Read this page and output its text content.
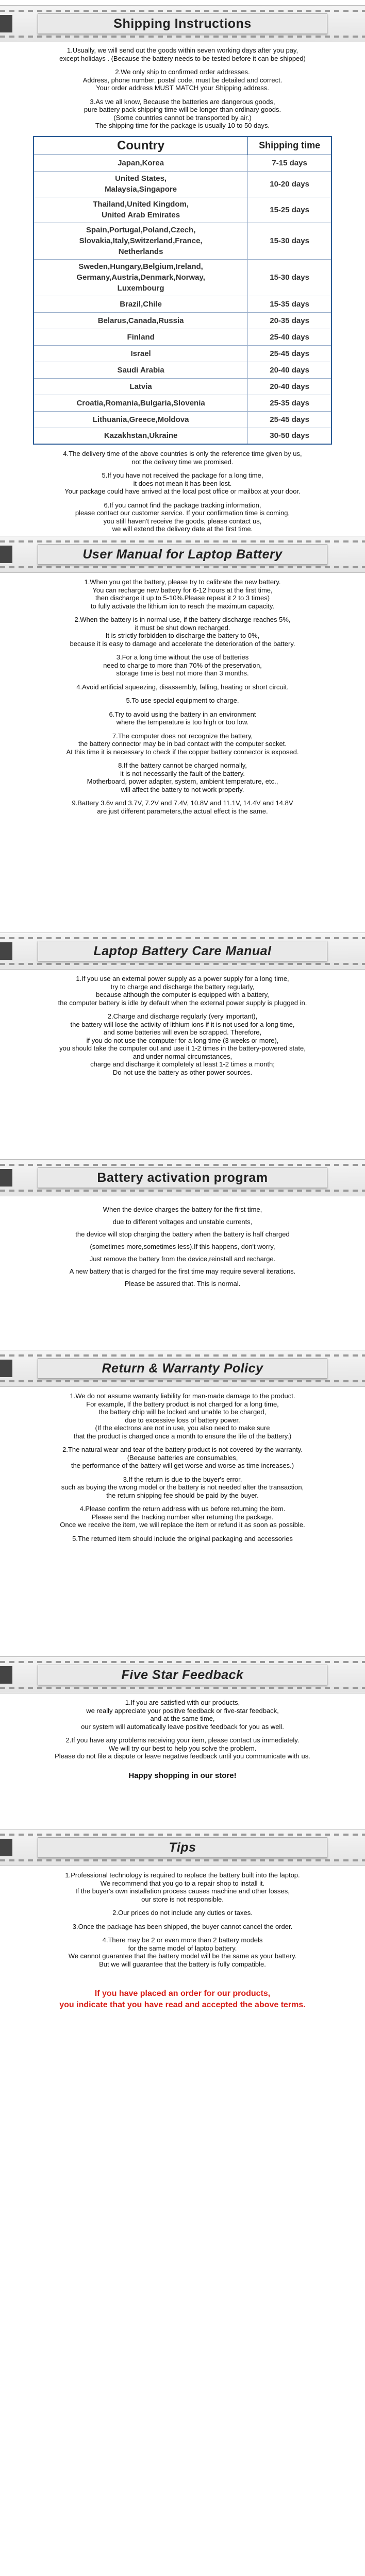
Shipping Instructions
1.Usually, we will send out the goods within seven working days after you pay,
except holidays . (Because the battery needs to be tested before it can be shipped)
2.We only ship to confirmed order addresses.
Address, phone number, postal code, must be detailed and correct.
Your order address MUST MATCH your Shipping address.
3.As we all know, Because the batteries are dangerous goods,
pure battery pack shipping time will be longer than ordinary goods.
(Some countries cannot be transported by air.)
The shipping time for the package is usually 10 to 50 days.
Country	Shipping time

Japan,Korea	7-15 days

United States,
Malaysia,Singapore	10-20 days

Thailand,United Kingdom,
United Arab Emirates	15-25 days

Spain,Portugal,Poland,Czech,
Slovakia,Italy,Switzerland,France,
Netherlands	15-30 days

Sweden,Hungary,Belgium,Ireland,
Germany,Austria,Denmark,Norway,
Luxembourg	15-30 days

Brazil,Chile	15-35 days

Belarus,Canada,Russia	20-35 days

Finland	25-40 days

Israel	25-45 days

Saudi Arabia	20-40 days

Latvia	20-40 days

Croatia,Romania,Bulgaria,Slovenia	25-35 days

Lithuania,Greece,Moldova	25-45 days

Kazakhstan,Ukraine	30-50 days
4.The delivery time of the above countries is only the reference time given by us,
not the delivery time we promised.
5.If you have not received the package for a long time,
it does not mean it has been lost.
Your package could have arrived at the local post office or mailbox at your door.
6.If you cannot find the package tracking information,
please contact our customer service. If your confirmation time is coming,
you still haven't receive the goods, please contact us,
we will extend the delivery date at the first time.
User Manual for Laptop Battery
1.When you get the battery, please try to calibrate the new battery.
You can recharge new battery for 6-12 hours at the first time,
then discharge it up to 5-10%.Please repeat it 2 to 3 times)
to fully activate the lithium ion to reach the maximum capacity.
2.When the battery is in normal use, if the battery discharge reaches 5%,
it must be shut down recharged.
It is strictly forbidden to discharge the battery to 0%,
because it is easy to damage and accelerate the deterioration of the battery.
3.For a long time without the use of batteries
need to charge to more than 70% of the preservation,
storage time is best not more than 3 months.
4.Avoid artificial squeezing, disassembly, falling, heating or short circuit.
5.To use special equipment to charge.
6.Try to avoid using the battery in an environment
where the temperature is too high or too low.
7.The computer does not recognize the battery,
the battery connector may be in bad contact with the computer socket.
At this time it is necessary to check if the copper battery connector is exposed.
8.If the battery cannot be charged normally,
it is not necessarily the fault of the battery.
Motherboard, power adapter, system, ambient temperature, etc.,
will affect the battery to not work properly.
9.Battery 3.6v and 3.7V, 7.2V and 7.4V, 10.8V and 11.1V, 14.4V and 14.8V
are just different parameters,the actual effect is the same.
Laptop Battery Care Manual
1.If you use an external power supply as a power supply for a long time,
try to charge and discharge the battery regularly,
because although the computer is equipped with a battery,
the computer battery is idle by default when the external power supply is plugged in.
2.Charge and discharge regularly (very important),
the battery will lose the activity of lithium ions if it is not used for a long time,
and some batteries will even be scrapped. Therefore,
if you do not use the computer for a long time (3 weeks or more),
you should take the computer out and use it 1-2 times in the battery-powered state,
and under normal circumstances,
charge and discharge it completely at least 1-2 times a month;
Do not use the battery as other power sources.
Battery activation program
When the device charges the battery for the first time,
due to different voltages and unstable currents,
the device will stop charging the battery when the battery is half charged
(sometimes more,sometimes less).If this happens, don't worry,
Just remove the battery from the device,reinstall and recharge.
A new battery that is charged for the first time may require several iterations.
Please be assured that. This is normal.
Return & Warranty Policy
1.We do not assume warranty liability for man-made damage to the product.
For example, If the battery product is not charged for a long time,
the battery chip will be locked and unable to be charged,
due to excessive loss of battery power.
(If the electrons are not in use, you also need to make sure
that the product is charged once a month to ensure the life of the battery.)
2.The natural wear and tear of the battery product is not covered by the warranty.
(Because batteries are consumables,
the performance of the battery will get worse and worse as time increases.)
3.If the return is due to the buyer's error,
such as buying the wrong model or the battery is not needed after the transaction,
the return shipping fee should be paid by the buyer.
4.Please confirm the return address with us before returning the item.
Please send the tracking number after returning the package.
Once we receive the item, we will replace the item or refund it as soon as possible.
5.The returned item should include the original packaging and accessories
Five Star Feedback
1.If you are satisfied with our products,
we really appreciate your positive feedback or five-star feedback,
and at the same time,
our system will automatically leave positive feedback for you as well.
2.If you have any problems receiving your item, please contact us immediately.
We will try our best to help you solve the problem.
Please do not file a dispute or leave negative feedback until you communicate with us.
Happy shopping in our store!
Tips
1.Professional technology is required to replace the battery built into the laptop.
We recommend that you go to a repair shop to install it.
If the buyer's own installation process causes machine and other losses,
our store is not responsible.
2.Our prices do not include any duties or taxes.
3.Once the package has been shipped, the buyer cannot cancel the order.
4.There may be 2 or even more than 2 battery models
for the same model of laptop battery.
We cannot guarantee that the battery model will be the same as your battery.
But we will guarantee that the battery is fully compatible.
If you have placed an order for our products,
you indicate that you have read and accepted the above terms.
